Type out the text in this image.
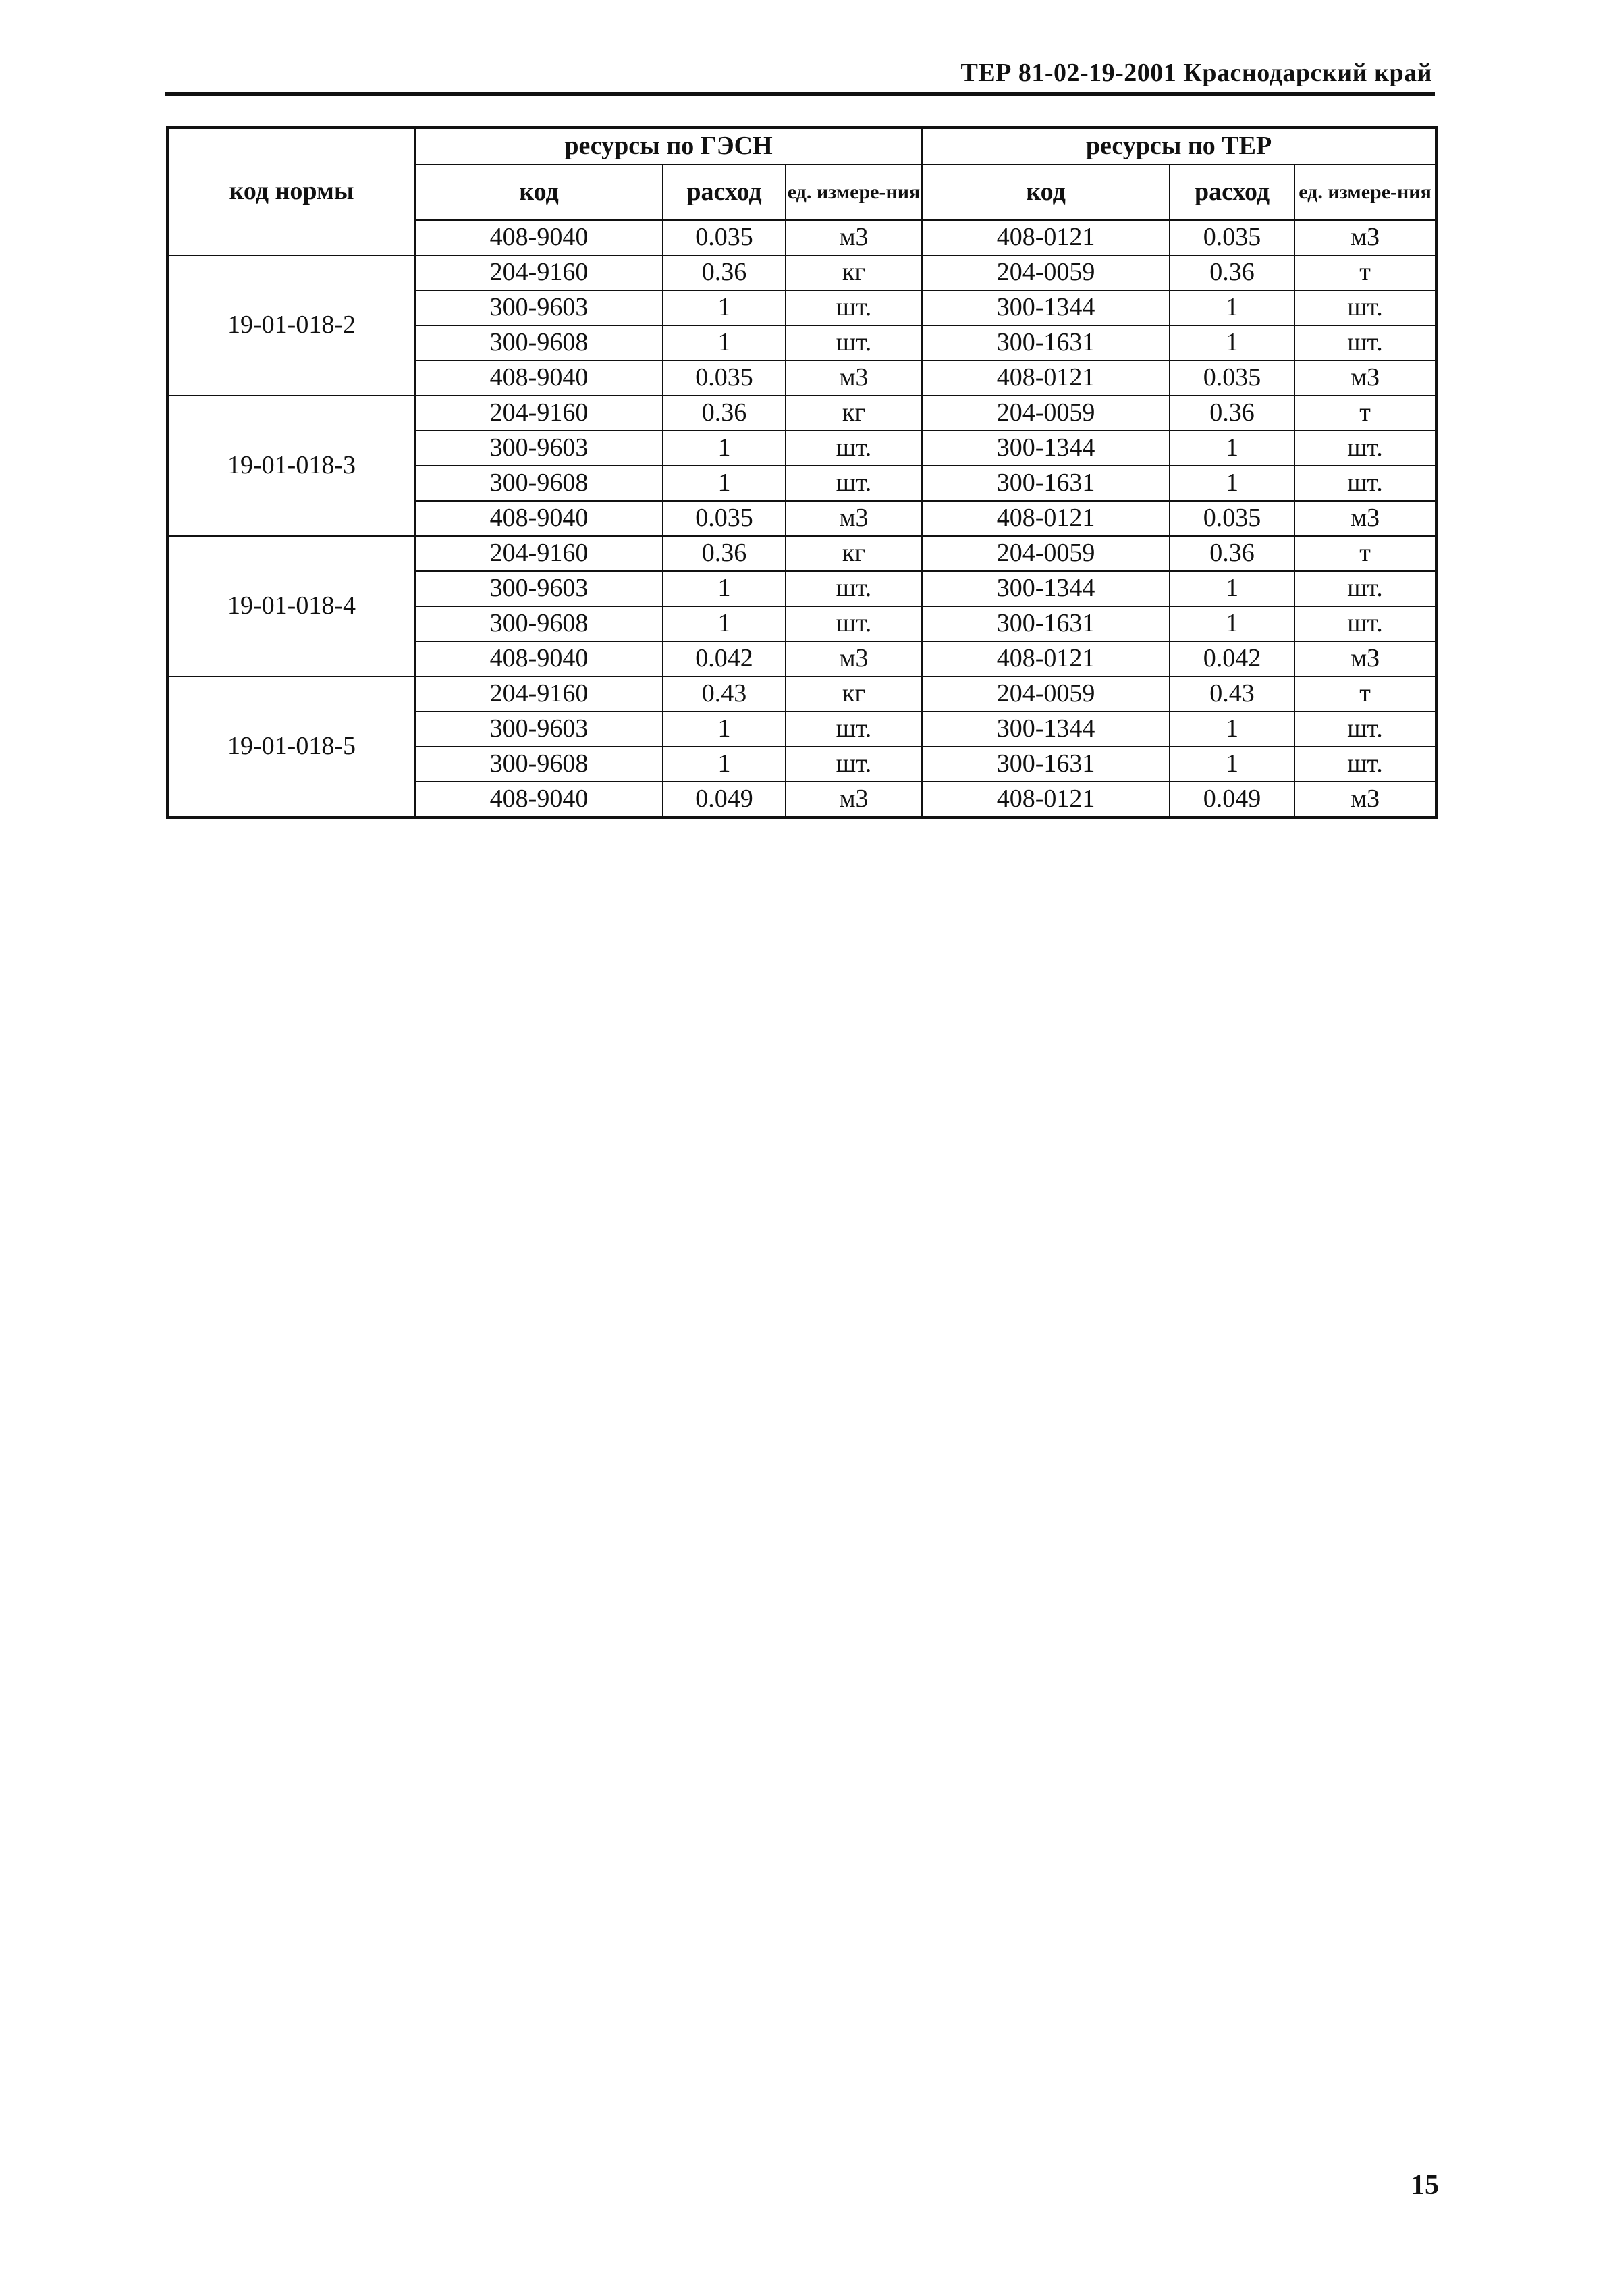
ТЕР 81-02-19-2001 Краснодарский край
код нормы	ресурсы по ГЭСН			ресурсы по ТЕР		
	код	расход	ед. измере-ния	код	расход	ед. измере-ния
	408-9040	0.035	м3	408-0121	0.035	м3
19-01-018-2	204-9160	0.36	кг	204-0059	0.36	т
	300-9603	1	шт.	300-1344	1	шт.
	300-9608	1	шт.	300-1631	1	шт.
	408-9040	0.035	м3	408-0121	0.035	м3
19-01-018-3	204-9160	0.36	кг	204-0059	0.36	т
	300-9603	1	шт.	300-1344	1	шт.
	300-9608	1	шт.	300-1631	1	шт.
	408-9040	0.035	м3	408-0121	0.035	м3
19-01-018-4	204-9160	0.36	кг	204-0059	0.36	т
	300-9603	1	шт.	300-1344	1	шт.
	300-9608	1	шт.	300-1631	1	шт.
	408-9040	0.042	м3	408-0121	0.042	м3
19-01-018-5	204-9160	0.43	кг	204-0059	0.43	т
	300-9603	1	шт.	300-1344	1	шт.
	300-9608	1	шт.	300-1631	1	шт.
	408-9040	0.049	м3	408-0121	0.049	м3
15
